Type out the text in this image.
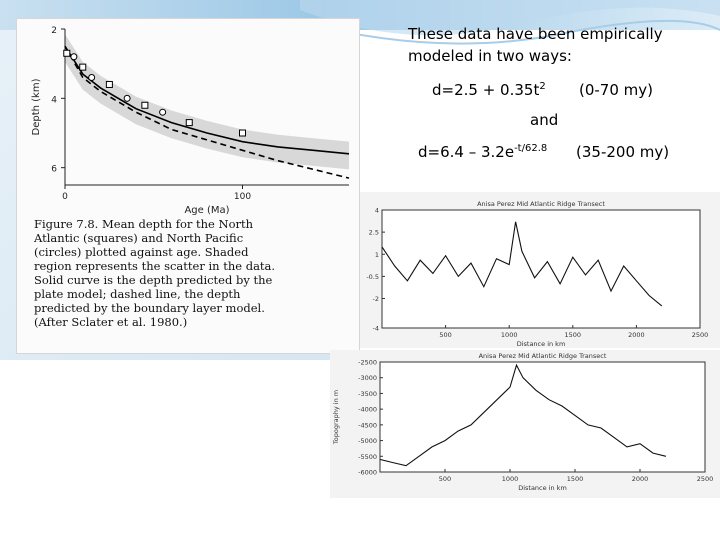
2
4
6
0	100
Age (Ma)
Depth (km)
Figure 7.8. Mean depth for the North
Atlantic (squares) and North Pacific
(circles) plotted against age. Shaded
region represents the scatter in the data.
Solid curve is the depth predicted by the
plate model; dashed line, the depth
predicted by the boundary layer model.
(After Sclater et al. 1980.)
These data have been empirically
modeled in two ways:
$d=2.5 + 0.35t^2$ (0-70 my)
and
$d=6.4 - 3.2e^{-t/62.8}$ (35-200 my)
Anisa Perez Mid Atlantic Ridge Transect
4
2.5
1
-0.5
-2
-4
500	1000	1500	2000	2500
Distance in km
Anisa Perez Mid Atlantic Ridge Transect
-2500
-3000
-3500
-4000
-4500
-5000
-5500
-6000
500	1000	1500	2000	2500
Distance in km
Topography in m
